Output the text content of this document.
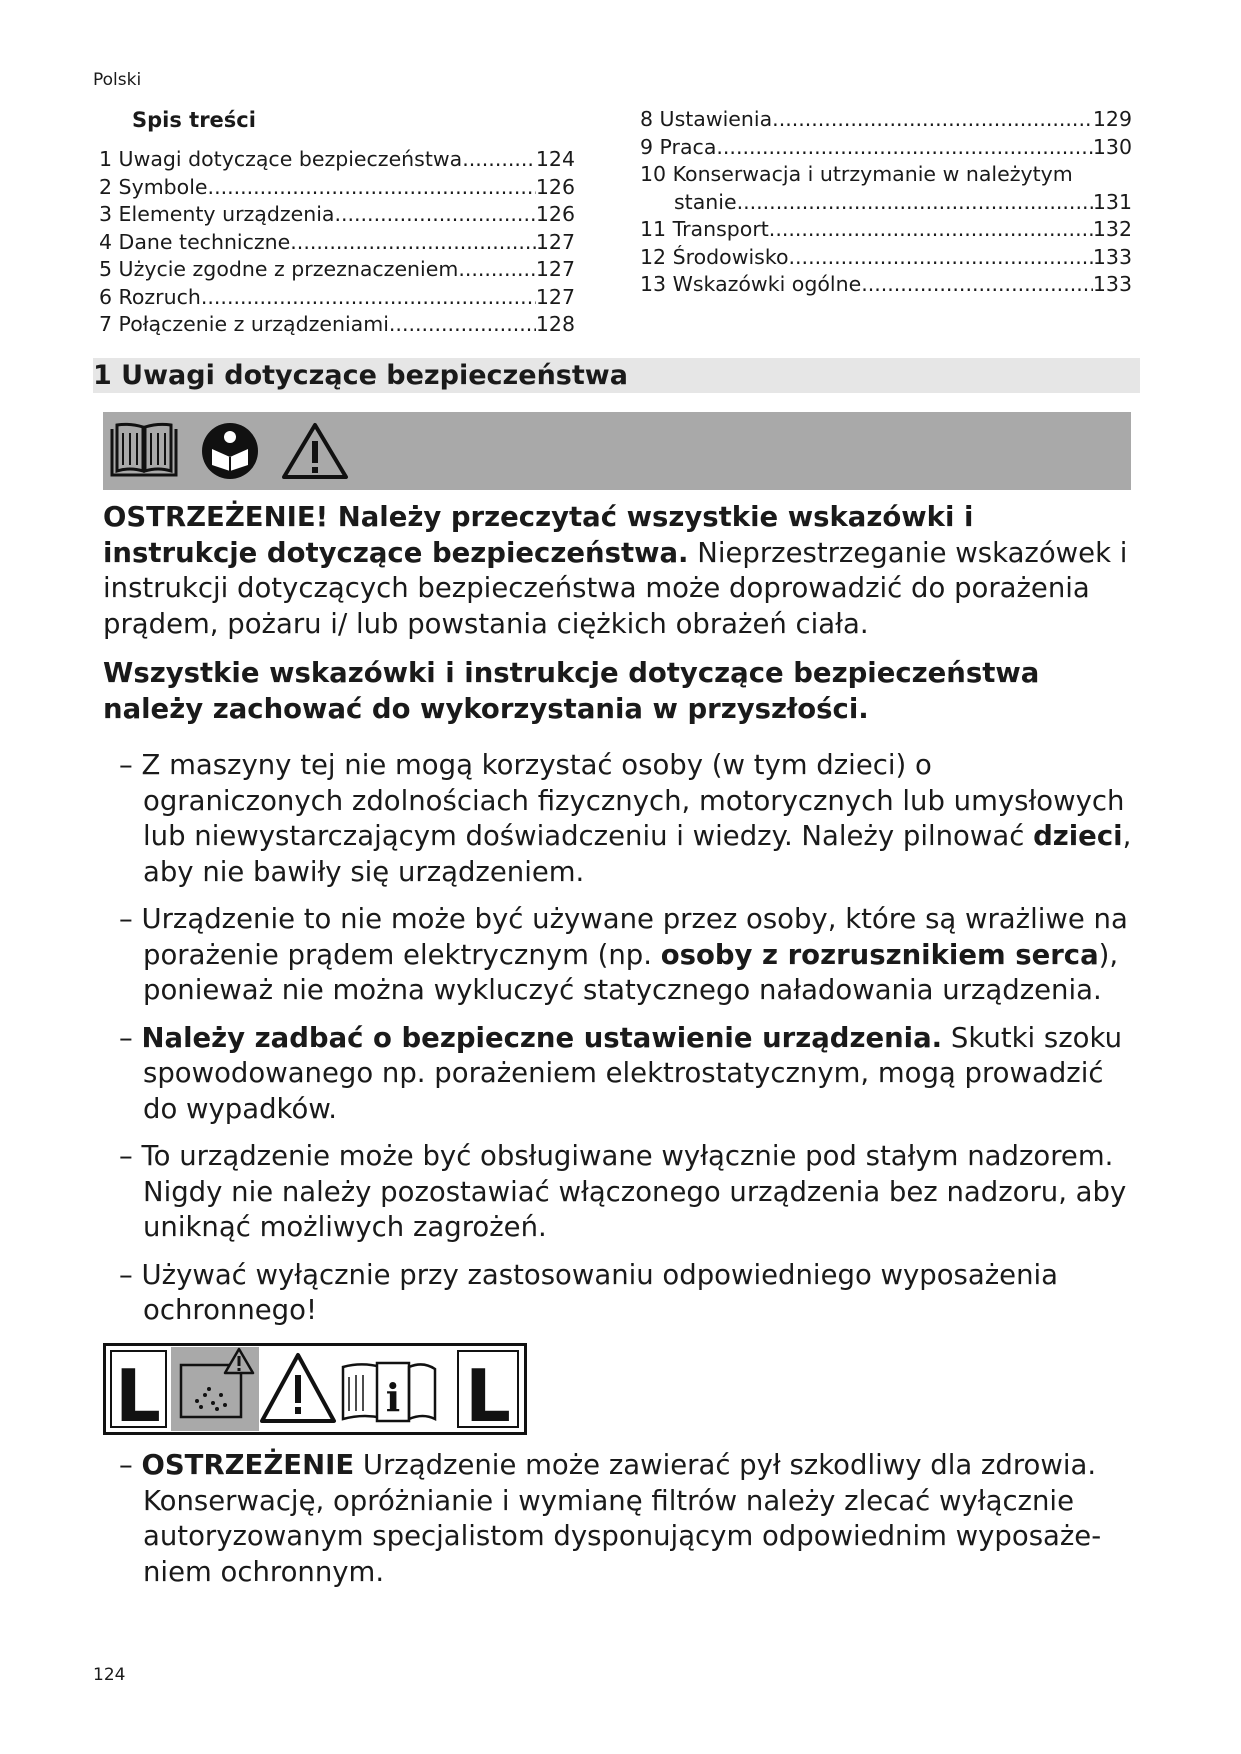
Polski
Spis treści
1 Uwagi dotyczące bezpieczeństwa .....	124
2 Symbole .....	126
3 Elementy urządzenia .....	126
4 Dane techniczne .....	127
5 Użycie zgodne z przeznaczeniem .....	127
6 Rozruch .....	127
7 Połączenie z urządzeniami .....	128
8 Ustawienia .....	129
9 Praca .....	130
10 Konserwacja i utrzymanie w należytym
stanie .....	131
11 Transport .....	132
12 Środowisko .....	133
13 Wskazówki ogólne .....	133
1 Uwagi dotyczące bezpieczeństwa
OSTRZEŻENIE! Należy przeczytać wszystkie wskazówki i instrukcje dotyczące bezpieczeństwa. Nieprzestrzeganie wskazówek i instrukcji dotyczących bezpieczeństwa może doprowadzić do porażenia prądem, pożaru i/ lub powstania ciężkich obrażeń ciała.
Wszystkie wskazówki i instrukcje dotyczące bezpieczeństwa należy zachować do wykorzystania w przyszłości.
– Z maszyny tej nie mogą korzystać osoby (w tym dzieci) o ograniczonych zdolnościach fizycznych, motorycznych lub umysłowych lub niewystarczającym doświadczeniu i wiedzy. Należy pilnować dzieci, aby nie bawiły się urządzeniem.
– Urządzenie to nie może być używane przez osoby, które są wrażliwe na porażenie prądem elektrycznym (np. osoby z rozrusznikiem serca), ponieważ nie można wykluczyć statycznego naładowania urządzenia.
– Należy zadbać o bezpieczne ustawienie urządzenia. Skutki szoku spowodowanego np. porażeniem elektrostatycznym, mogą prowadzić do wypadków.
– To urządzenie może być obsługiwane wyłącznie pod stałym nadzorem. Nigdy nie należy pozostawiać włączonego urządzenia bez nadzoru, aby uniknąć możliwych zagrożeń.
– Używać wyłącznie przy zastosowaniu odpowiedniego wyposażenia ochronnego!
L	i L
– OSTRZEŻENIE Urządzenie może zawierać pył szkodliwy dla zdrowia. Konserwację, opróżnianie i wymianę filtrów należy zlecać wyłącznie autoryzowanym specjalistom dysponującym odpowiednim wyposażeniem ochronnym.
124
